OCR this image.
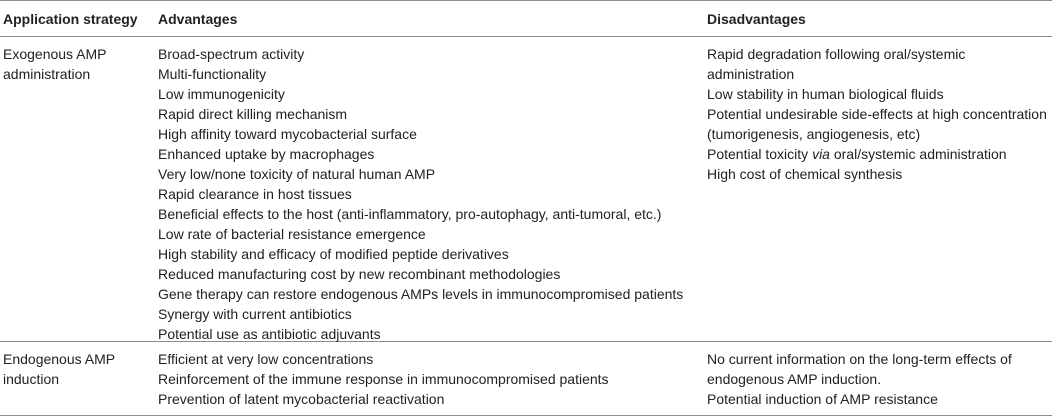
Application strategy Advantages	Disadvantages
Exogenous AMP
administration
Broad-spectrum activity
Multi-functionality
Low immunogenicity
Rapid direct killing mechanism
High affinity toward mycobacterial surface
Enhanced uptake by macrophages
Very low/none toxicity of natural human AMP
Rapid clearance in host tissues
Beneficial effects to the host (anti-inflammatory, pro-autophagy, anti-tumoral, etc.)
Low rate of bacterial resistance emergence
High stability and efficacy of modified peptide derivatives
Reduced manufacturing cost by new recombinant methodologies
Gene therapy can restore endogenous AMPs levels in immunocompromised patients
Synergy with current antibiotics
Potential use as antibiotic adjuvants
Rapid degradation following oral/systemic
administration
Low stability in human biological fluids
Potential undesirable side-effects at high concentration
(tumorigenesis, angiogenesis, etc)
Potential toxicity via oral/systemic administration
High cost of chemical synthesis
Endogenous AMP
induction
Efficient at very low concentrations
Reinforcement of the immune response in immunocompromised patients
Prevention of latent mycobacterial reactivation
No current information on the long-term effects of
endogenous AMP induction.
Potential induction of AMP resistance
